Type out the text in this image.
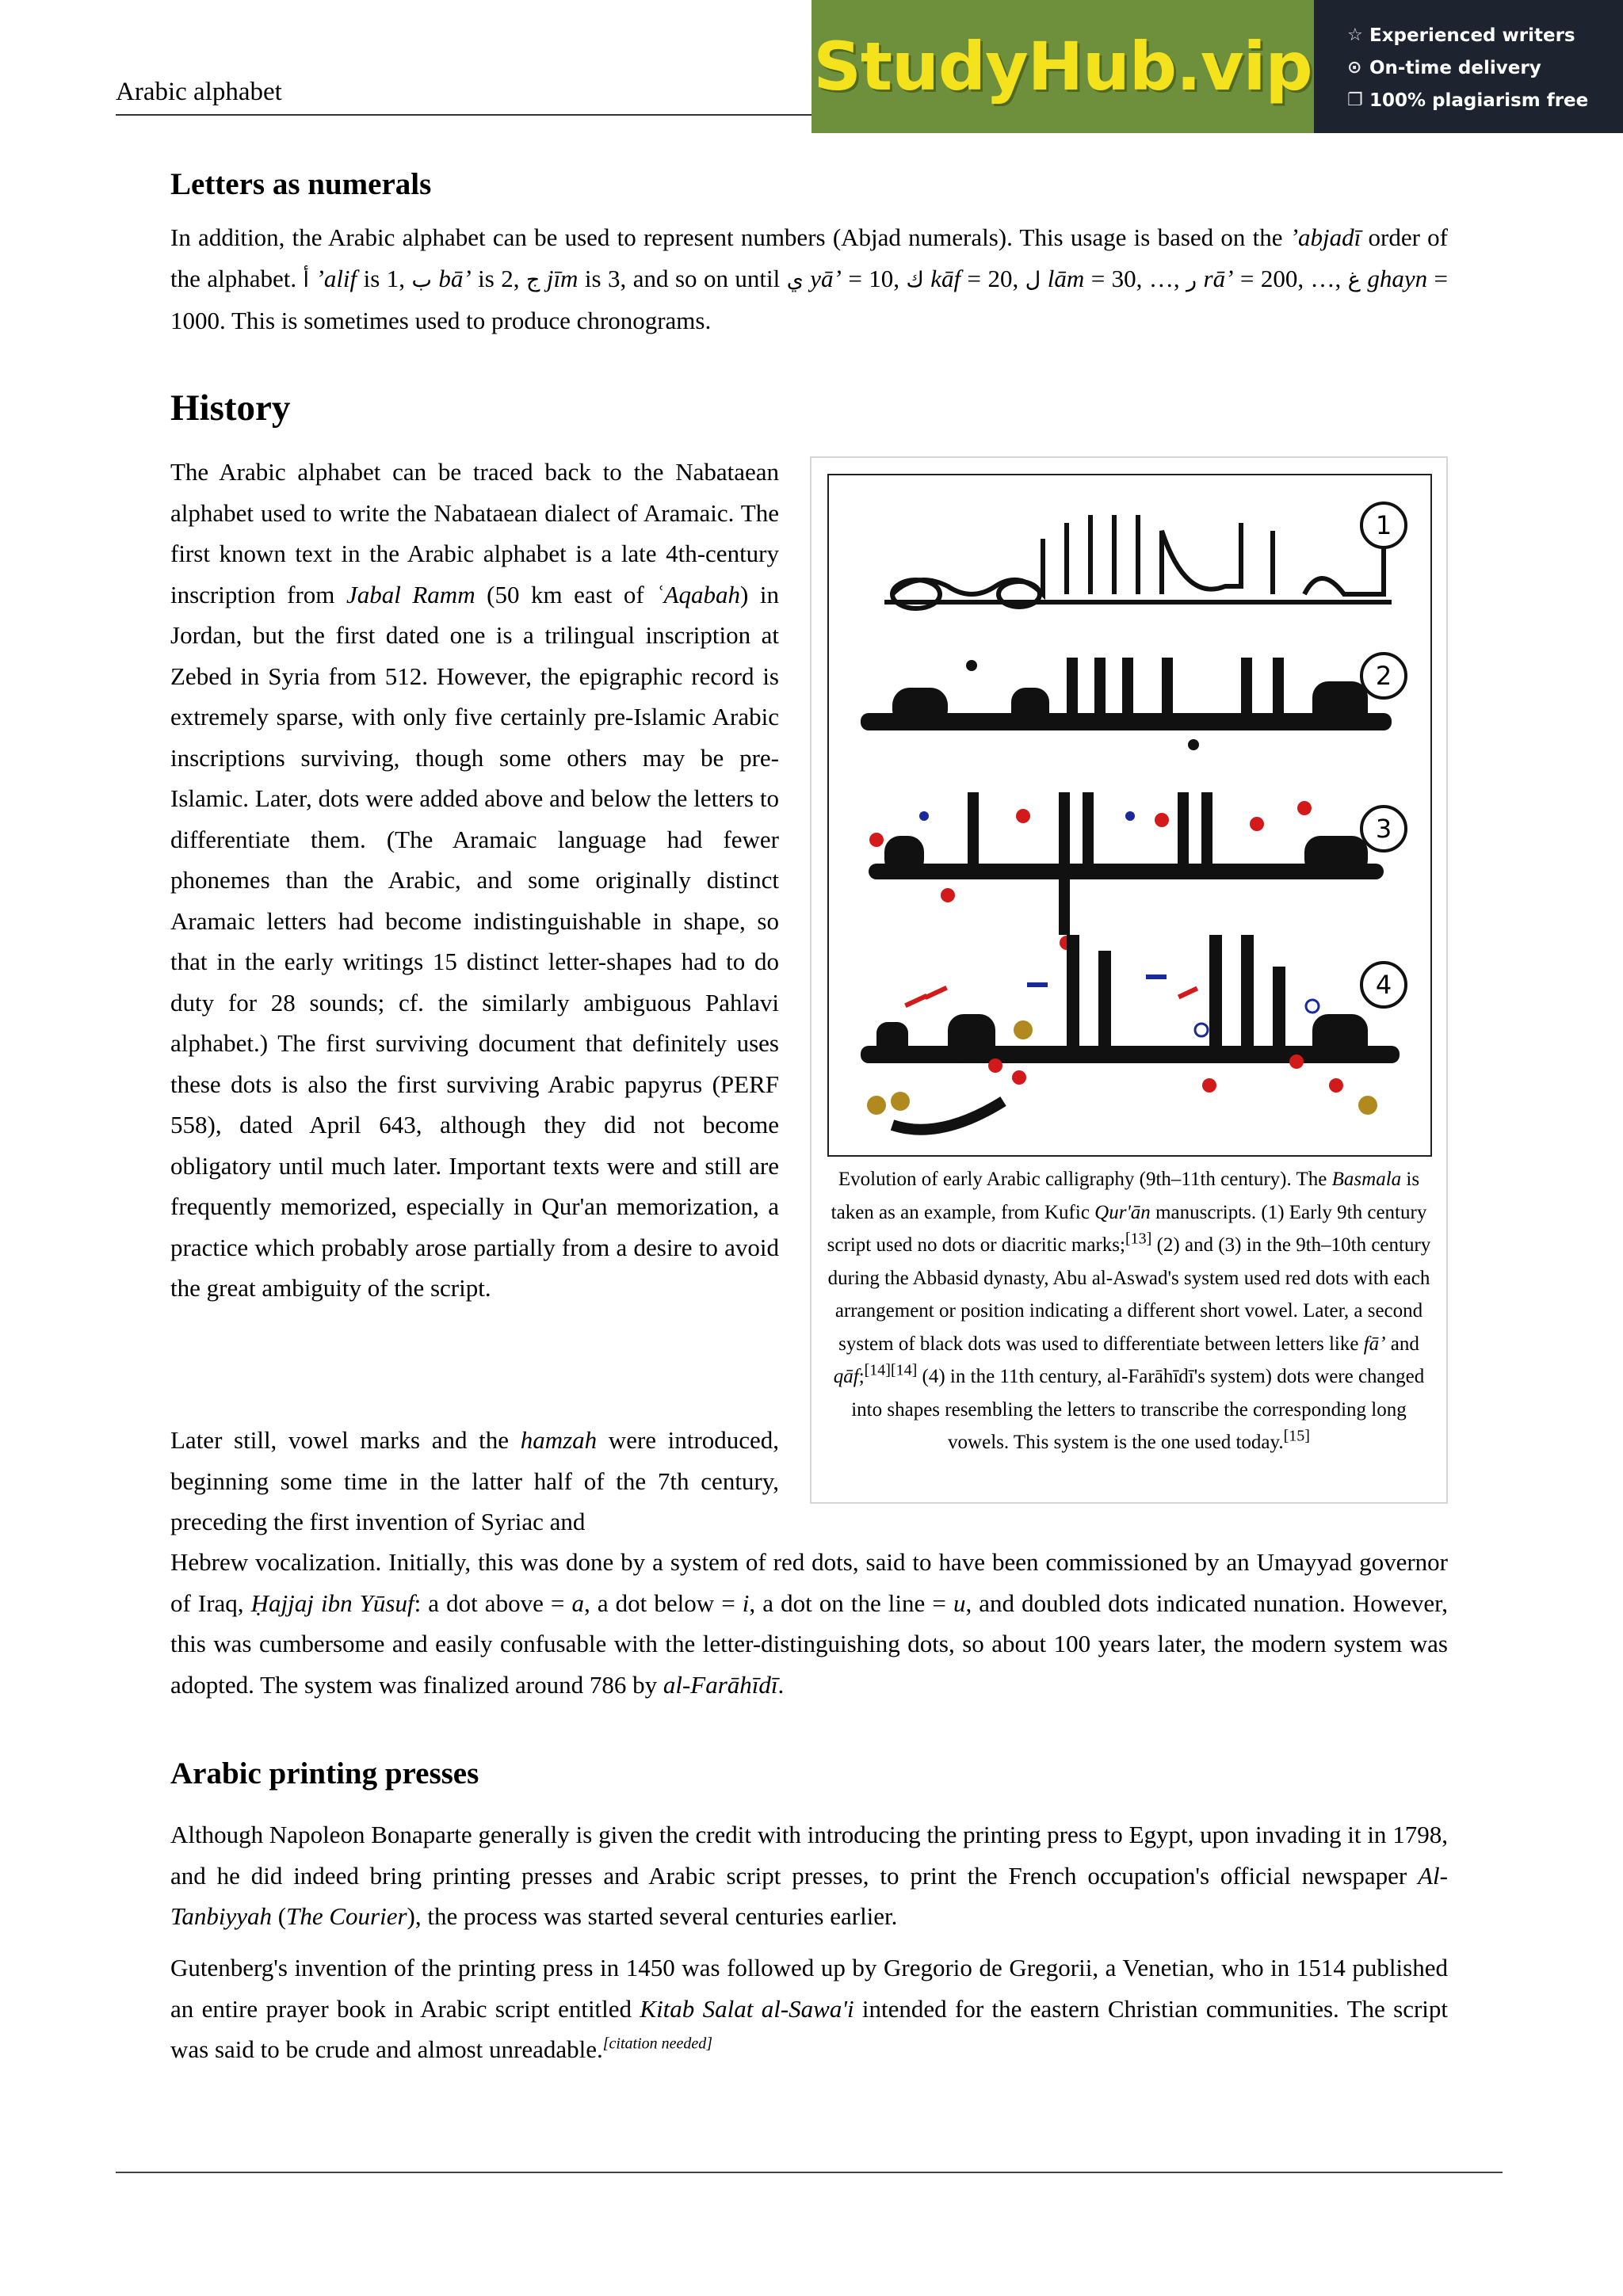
Arabic alphabet	StudyHub.vip ☆ Experienced writers
⊙ On-time delivery
❐ 100% plagiarism free
Letters as numerals

In addition, the Arabic alphabet can be used to represent numbers (Abjad numerals). This usage is based on the ʼabjadī order of the alphabet. أ ʼalif is 1, ب bāʼ is 2, ج jīm is 3, and so on until ي yāʼ = 10, ك kāf = 20, ل lām = 30, …, ر rāʼ = 200, …, غ ghayn = 1000. This is sometimes used to produce chronograms.

History

The Arabic alphabet can be traced back to the Nabataean alphabet used to write the Nabataean dialect of Aramaic. The first known text in the Arabic alphabet is a late 4th-century inscription from Jabal Ramm (50 km east of ʿAqabah) in Jordan, but the first dated one is a trilingual inscription at Zebed in Syria from 512. However, the epigraphic record is extremely sparse, with only five certainly pre-Islamic Arabic inscriptions surviving, though some others may be pre-Islamic. Later, dots were added above and below the letters to differentiate them. (The Aramaic language had fewer phonemes than the Arabic, and some originally distinct Aramaic letters had become indistinguishable in shape, so that in the early writings 15 distinct letter-shapes had to do duty for 28 sounds; cf. the similarly ambiguous Pahlavi alphabet.) The first surviving document that definitely uses these dots is also the first surviving Arabic papyrus (PERF 558), dated April 643, although they did not become obligatory until much later. Important texts were and still are frequently memorized, especially in Qur'an memorization, a practice which probably arose partially from a desire to avoid the great ambiguity of the script.

Later still, vowel marks and the hamzah were introduced, beginning some time in the latter half of the 7th century, preceding the first invention of Syriac and

Hebrew vocalization. Initially, this was done by a system of red dots, said to have been commissioned by an Umayyad governor of Iraq, Ḥajjaj ibn Yūsuf: a dot above = a, a dot below = i, a dot on the line = u, and doubled dots indicated nunation. However, this was cumbersome and easily confusable with the letter-distinguishing dots, so about 100 years later, the modern system was adopted. The system was finalized around 786 by al-Farāhīdī.

1
2
3
4
Evolution of early Arabic calligraphy (9th–11th century). The Basmala is taken as an example, from Kufic Qur'ān manuscripts. (1) Early 9th century script used no dots or diacritic marks;[13] (2) and (3) in the 9th–10th century during the Abbasid dynasty, Abu al-Aswad's system used red dots with each arrangement or position indicating a different short vowel. Later, a second system of black dots was used to differentiate between letters like fāʼ and qāf;[14][14] (4) in the 11th century, al-Farāhīdī's system) dots were changed into shapes resembling the letters to transcribe the corresponding long vowels. This system is the one used today.[15]
Arabic printing presses

Although Napoleon Bonaparte generally is given the credit with introducing the printing press to Egypt, upon invading it in 1798, and he did indeed bring printing presses and Arabic script presses, to print the French occupation's official newspaper Al-Tanbiyyah (The Courier), the process was started several centuries earlier.

Gutenberg's invention of the printing press in 1450 was followed up by Gregorio de Gregorii, a Venetian, who in 1514 published an entire prayer book in Arabic script entitled Kitab Salat al-Sawa'i intended for the eastern Christian communities. The script was said to be crude and almost unreadable.[citation needed]
